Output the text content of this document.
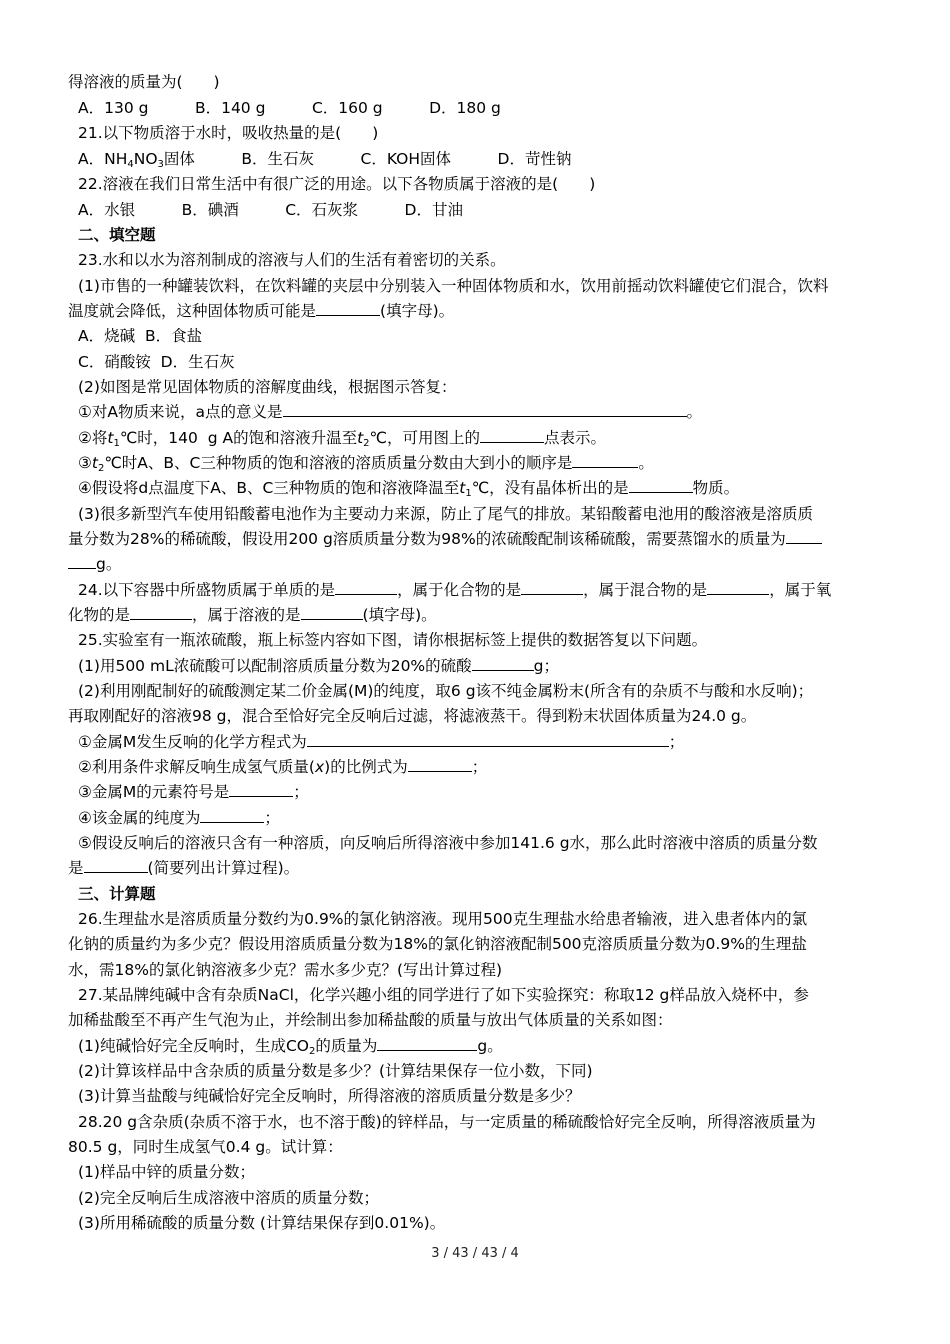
得溶液的质量为(　　)
A．130 g　　　B．140 g　　　C．160 g　　　D．180 g
21.以下物质溶于水时，吸收热量的是(　　)
A．$NH_4NO_3$固体　　　B．生石灰　　　C．KOH固体　　　D．苛性钠
22.溶液在我们日常生活中有很广泛的用途。以下各物质属于溶液的是(　　)
A．水银　　　B．碘酒　　　C．石灰浆　　　D．甘油
二、填空题
23.水和以水为溶剂制成的溶液与人们的生活有着密切的关系。
(1)市售的一种罐装饮料，在饮料罐的夹层中分别装入一种固体物质和水，饮用前摇动饮料罐使它们混合，饮料
温度就会降低，这种固体物质可能是	(填字母)。
A．烧碱  B．食盐
C．硝酸铵  D．生石灰
(2)如图是常见固体物质的溶解度曲线，根据图示答复：
①对A物质来说，a点的意义是	。
②将$t_1℃$时，140  g A的饱和溶液升温至$t_2℃$，可用图上的	点表示。
$③t_2℃$时A、B、C三种物质的饱和溶液的溶质质量分数由大到小的顺序是	。
④假设将d点温度下A、B、C三种物质的饱和溶液降温至$t_1℃$，没有晶体析出的是	物质。
(3)很多新型汽车使用铅酸蓄电池作为主要动力来源，防止了尾气的排放。某铅酸蓄电池用的酸溶液是溶质质
量分数为28%的稀硫酸，假设用200 g溶质质量分数为98%的浓硫酸配制该稀硫酸，需要蒸馏水的质量为
g。
24.以下容器中所盛物质属于单质的是	，属于化合物的是	，属于混合物的是	，属于氧
化物的是	，属于溶液的是	(填字母)。
25.实验室有一瓶浓硫酸，瓶上标签内容如下图，请你根据标签上提供的数据答复以下问题。
(1)用500 mL浓硫酸可以配制溶质质量分数为20%的硫酸	g；
(2)利用刚配制好的硫酸测定某二价金属(M)的纯度，取6 g该不纯金属粉末(所含有的杂质不与酸和水反响)；
再取刚配好的溶液98 g，混合至恰好完全反响后过滤，将滤液蒸干。得到粉末状固体质量为24.0 g。
①金属M发生反响的化学方程式为	；
②利用条件求解反响生成氢气质量(x)的比例式为	；
③金属M的元素符号是	；
④该金属的纯度为	；
⑤假设反响后的溶液只含有一种溶质，向反响后所得溶液中参加141.6 g水，那么此时溶液中溶质的质量分数
是	(简要列出计算过程)。
三、计算题
26.生理盐水是溶质质量分数约为0.9%的氯化钠溶液。现用500克生理盐水给患者输液，进入患者体内的氯
化钠的质量约为多少克？假设用溶质质量分数为18%的氯化钠溶液配制500克溶质质量分数为0.9%的生理盐
水，需18%的氯化钠溶液多少克？需水多少克？(写出计算过程)
27.某品牌纯碱中含有杂质NaCl，化学兴趣小组的同学进行了如下实验探究：称取12 g样品放入烧杯中，参
加稀盐酸至不再产生气泡为止，并绘制出参加稀盐酸的质量与放出气体质量的关系如图：
(1)纯碱恰好完全反响时，生成$CO_2$的质量为	g。
(2)计算该样品中含杂质的质量分数是多少？(计算结果保存一位小数，下同)
(3)计算当盐酸与纯碱恰好完全反响时，所得溶液的溶质质量分数是多少？
28.20 g含杂质(杂质不溶于水，也不溶于酸)的锌样品，与一定质量的稀硫酸恰好完全反响，所得溶液质量为
80.5 g，同时生成氢气0.4 g。试计算：
(1)样品中锌的质量分数；
(2)完全反响后生成溶液中溶质的质量分数；
(3)所用稀硫酸的质量分数 (计算结果保存到0.01%)。
3 / 43 / 43 / 4
